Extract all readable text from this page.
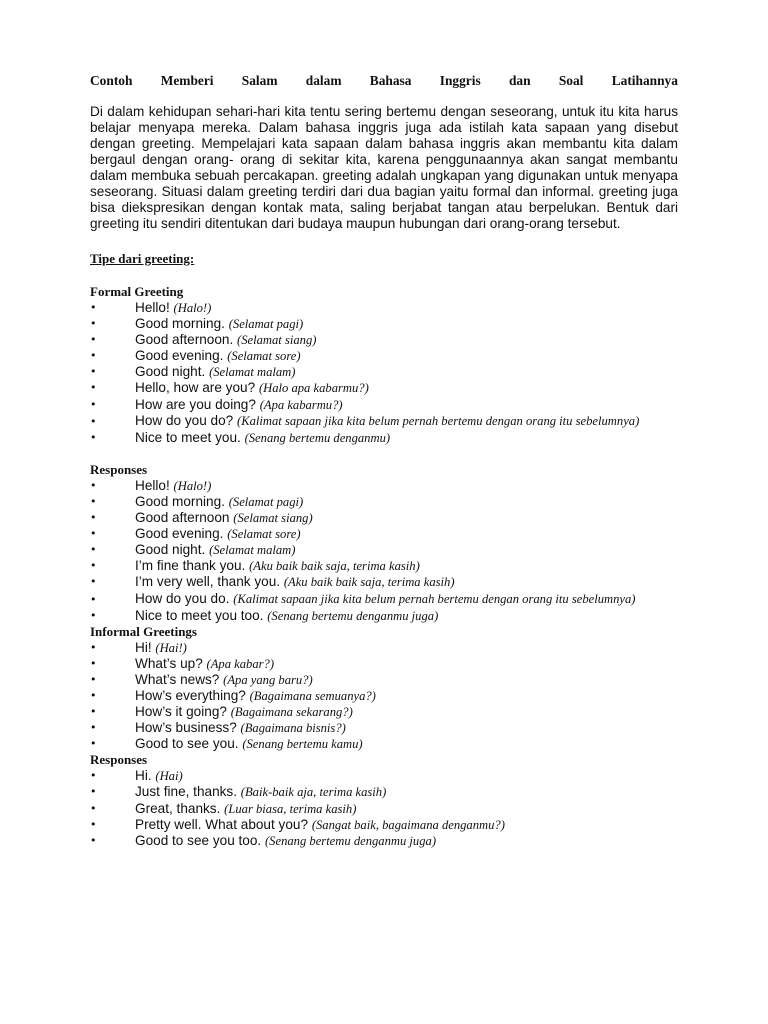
Contoh Memberi Salam dalam Bahasa Inggris dan Soal Latihannya

Di dalam kehidupan sehari-hari kita tentu sering bertemu dengan seseorang, untuk itu kita harus belajar menyapa mereka. Dalam bahasa inggris juga ada istilah kata sapaan yang disebut dengan greeting. Mempelajari kata sapaan dalam bahasa inggris akan membantu kita dalam bergaul dengan orang- orang di sekitar kita, karena penggunaannya akan sangat membantu dalam membuka sebuah percakapan. greeting adalah ungkapan yang digunakan untuk menyapa seseorang. Situasi dalam greeting terdiri dari dua bagian yaitu formal dan informal. greeting juga bisa diekspresikan dengan kontak mata, saling berjabat tangan atau berpelukan. Bentuk dari greeting itu sendiri ditentukan dari budaya maupun hubungan dari orang-orang tersebut.

Tipe dari greeting:

Formal Greeting

• Hello! (Halo!)
• Good morning. (Selamat pagi)
• Good afternoon. (Selamat siang)
• Good evening. (Selamat sore)
• Good night. (Selamat malam)
• Hello, how are you? (Halo apa kabarmu?)
• How are you doing? (Apa kabarmu?)
• How do you do? (Kalimat sapaan jika kita belum pernah bertemu dengan orang itu sebelumnya)
• Nice to meet you. (Senang bertemu denganmu)

Responses

• Hello! (Halo!)
• Good morning. (Selamat pagi)
• Good afternoon (Selamat siang)
• Good evening. (Selamat sore)
• Good night. (Selamat malam)
• I’m fine thank you. (Aku baik baik saja, terima kasih)
• I’m very well, thank you. (Aku baik baik saja, terima kasih)
• How do you do. (Kalimat sapaan jika kita belum pernah bertemu dengan orang itu sebelumnya)
• Nice to meet you too. (Senang bertemu denganmu juga)

Informal Greetings

• Hi! (Hai!)
• What’s up? (Apa kabar?)
• What’s news? (Apa yang baru?)
• How’s everything? (Bagaimana semuanya?)
• How’s it going? (Bagaimana sekarang?)
• How’s business? (Bagaimana bisnis?)
• Good to see you. (Senang bertemu kamu)

Responses

• Hi. (Hai)
• Just fine, thanks. (Baik-baik aja, terima kasih)
• Great, thanks. (Luar biasa, terima kasih)
• Pretty well. What about you? (Sangat baik, bagaimana denganmu?)
• Good to see you too. (Senang bertemu denganmu juga)
